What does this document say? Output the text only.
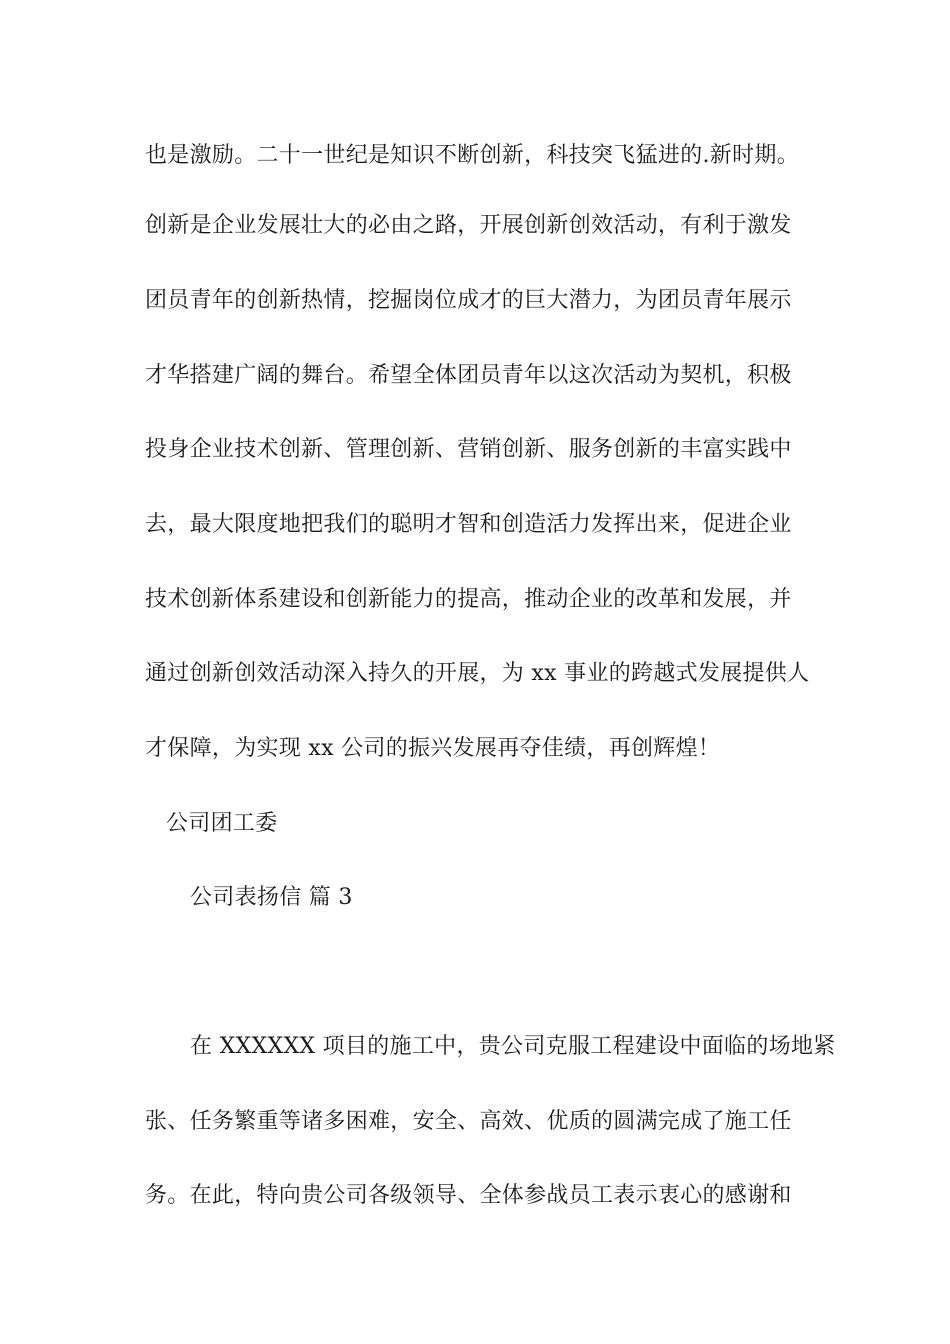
也是激励。二十一世纪是知识不断创新，科技突飞猛进的.新时期。
创新是企业发展壮大的必由之路，开展创新创效活动，有利于激发
团员青年的创新热情，挖掘岗位成才的巨大潜力，为团员青年展示
才华搭建广阔的舞台。希望全体团员青年以这次活动为契机，积极
投身企业技术创新、管理创新、营销创新、服务创新的丰富实践中
去，最大限度地把我们的聪明才智和创造活力发挥出来，促进企业
技术创新体系建设和创新能力的提高，推动企业的改革和发展，并
通过创新创效活动深入持久的开展，为 xx 事业的跨越式发展提供人
才保障，为实现 xx 公司的振兴发展再夺佳绩，再创辉煌！
公司团工委
公司表扬信 篇 3
在 XXXXXX 项目的施工中，贵公司克服工程建设中面临的场地紧
张、任务繁重等诸多困难，安全、高效、优质的圆满完成了施工任
务。在此，特向贵公司各级领导、全体参战员工表示衷心的感谢和
